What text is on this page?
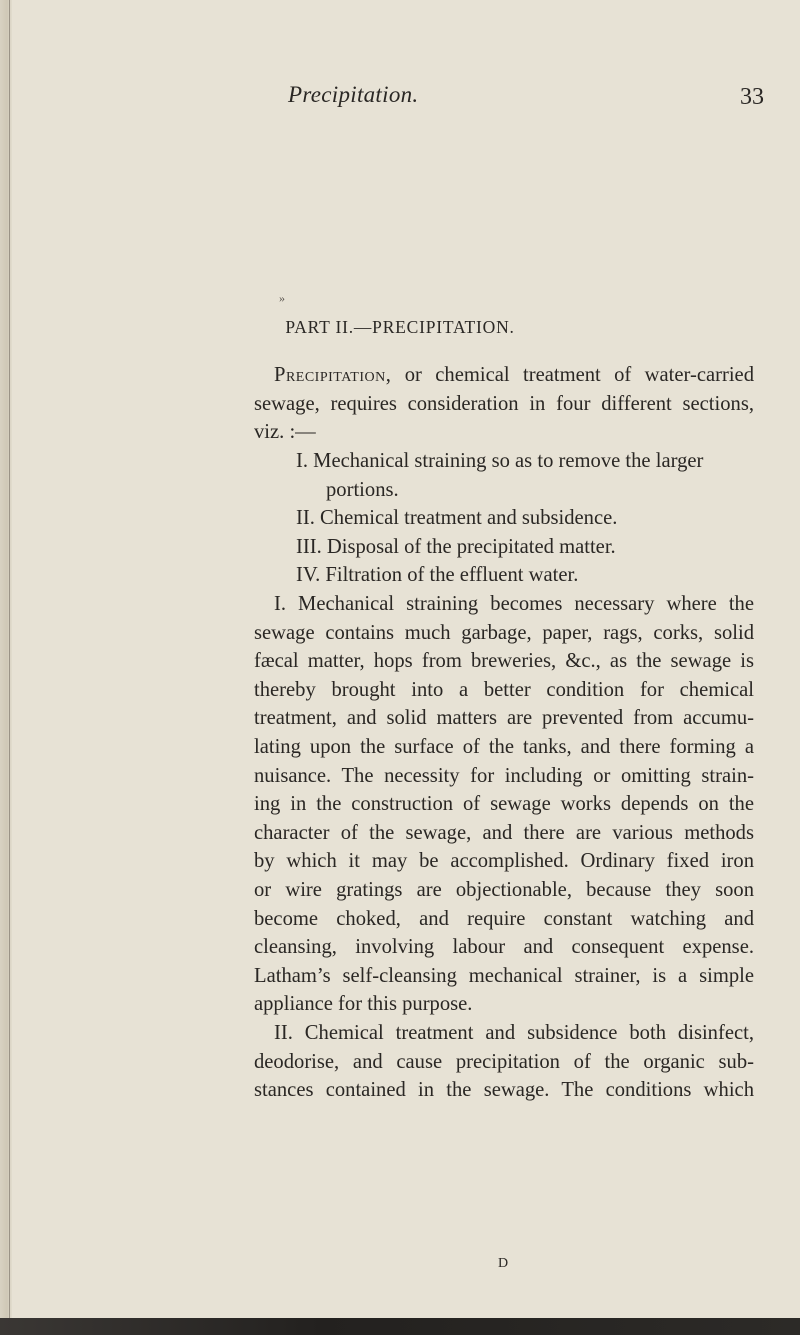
Precipitation.	33
»
PART II.—PRECIPITATION.
Precipitation, or chemical treatment of water-carried
sewage, requires consideration in four different sections,
viz. :—
I. Mechanical straining so as to remove the larger
portions.
II. Chemical treatment and subsidence.
III. Disposal of the precipitated matter.
IV. Filtration of the effluent water.
I. Mechanical straining becomes necessary where the
sewage contains much garbage, paper, rags, corks, solid
fæcal matter, hops from breweries, &c., as the sewage is
thereby brought into a better condition for chemical
treatment, and solid matters are prevented from accumu-
lating upon the surface of the tanks, and there forming a
nuisance. The necessity for including or omitting strain-
ing in the construction of sewage works depends on the
character of the sewage, and there are various methods
by which it may be accomplished. Ordinary fixed iron
or wire gratings are objectionable, because they soon
become choked, and require constant watching and
cleansing, involving labour and consequent expense.
Latham’s self-cleansing mechanical strainer, is a simple
appliance for this purpose.
II. Chemical treatment and subsidence both disinfect,
deodorise, and cause precipitation of the organic sub-
stances contained in the sewage. The conditions which
D
